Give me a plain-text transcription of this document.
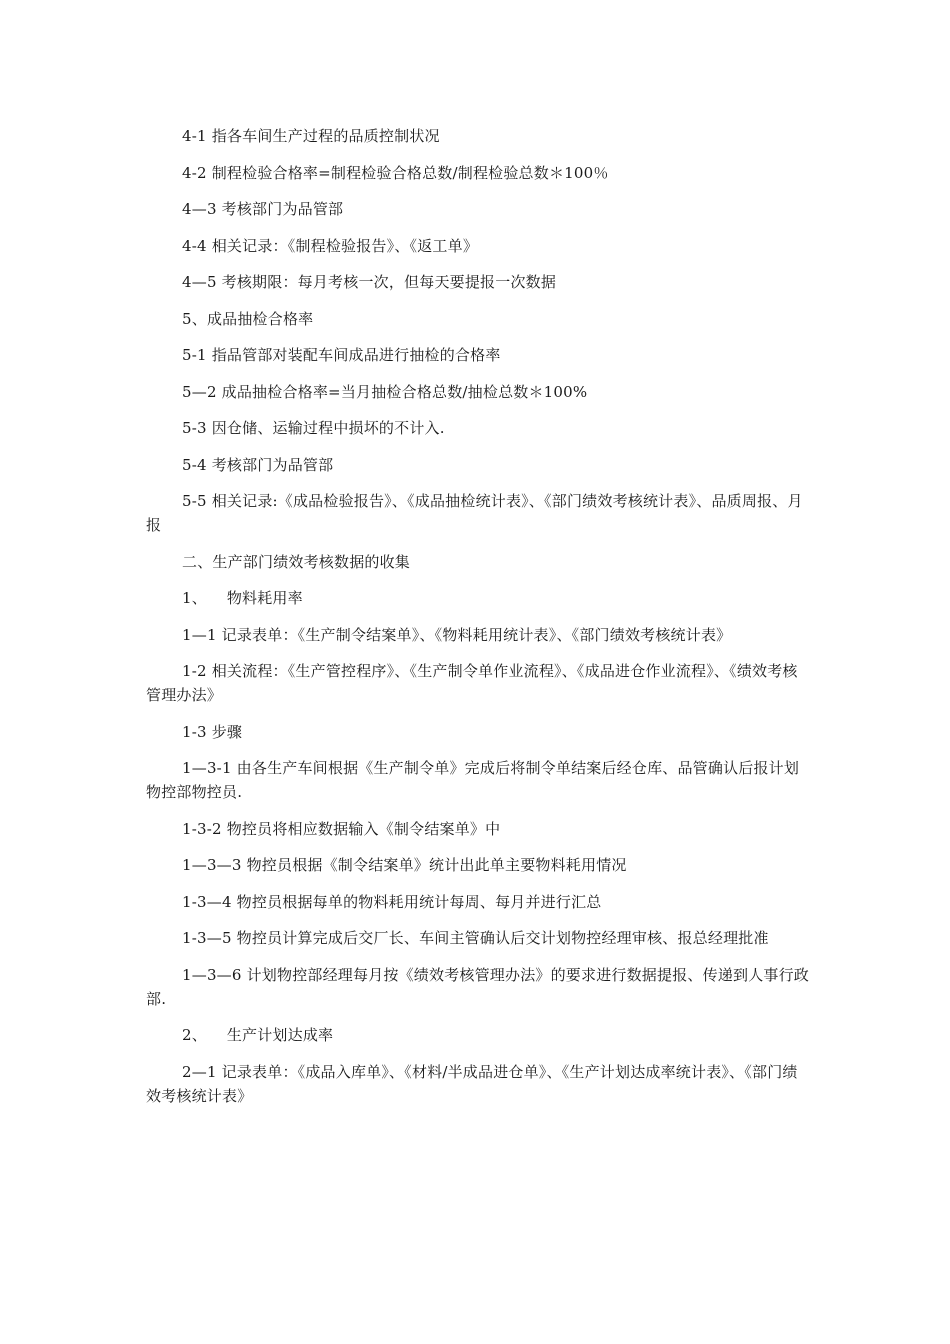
4-1 指各车间生产过程的品质控制状况

4-2 制程检验合格率=制程检验合格总数/制程检验总数＊100％

4—3 考核部门为品管部

4-4 相关记录：《制程检验报告》、《返工单》

4—5 考核期限：每月考核一次，但每天要提报一次数据

5、成品抽检合格率

5-1 指品管部对装配车间成品进行抽检的合格率

5—2 成品抽检合格率=当月抽检合格总数/抽检总数＊100%

5-3 因仓储、运输过程中损坏的不计入.

5-4 考核部门为品管部

5-5 相关记录:《成品检验报告》、《成品抽检统计表》、《部门绩效考核统计表》、品质周报、月报

二、生产部门绩效考核数据的收集

1、    物料耗用率

1—1 记录表单：《生产制令结案单》、《物料耗用统计表》、《部门绩效考核统计表》

1-2 相关流程：《生产管控程序》、《生产制令单作业流程》、《成品进仓作业流程》、《绩效考核管理办法》

1-3 步骤

1—3-1 由各生产车间根据《生产制令单》完成后将制令单结案后经仓库、品管确认后报计划物控部物控员.

1-3-2 物控员将相应数据输入《制令结案单》中

1—3—3 物控员根据《制令结案单》统计出此单主要物料耗用情况

1-3—4 物控员根据每单的物料耗用统计每周、每月并进行汇总

1-3—5 物控员计算完成后交厂长、车间主管确认后交计划物控经理审核、报总经理批准

1—3—6 计划物控部经理每月按《绩效考核管理办法》的要求进行数据提报、传递到人事行政部.

2、    生产计划达成率

2—1 记录表单：《成品入库单》、《材料/半成品进仓单》、《生产计划达成率统计表》、《部门绩效考核统计表》
